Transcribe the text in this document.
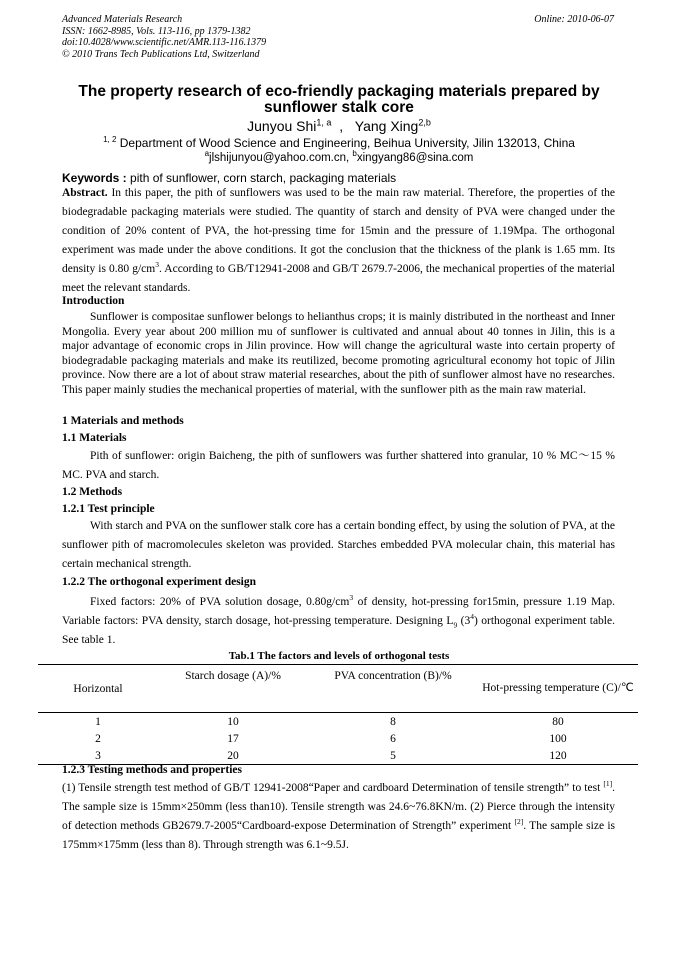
Advanced Materials Research
ISSN: 1662-8985, Vols. 113-116, pp 1379-1382
doi:10.4028/www.scientific.net/AMR.113-116.1379
© 2010 Trans Tech Publications Ltd, Switzerland
Online: 2010-06-07
The property research of eco-friendly packaging materials prepared by sunflower stalk core
Junyou Shi$^{1, a}$ , Yang Xing$^{2,b}$
$^{1, 2}$ Department of Wood Science and Engineering, Beihua University, Jilin 132013, China
$^a$jlshijunyou@yahoo.com.cn, $^b$xingyang86@sina.com
Keywords : pith of sunflower, corn starch, packaging materials

Abstract. In this paper, the pith of sunflowers was used to be the main raw material. Therefore, the properties of the biodegradable packaging materials were studied. The quantity of starch and density of PVA were changed under the condition of 20% content of PVA, the hot-pressing time for 15min and the pressure of 1.19Mpa. The orthogonal experiment was made under the above conditions. It got the conclusion that the thickness of the plank is 1.65 mm. Its density is 0.80 $g/cm^3$. According to GB/T12941-2008 and GB/T 2679.7-2006, the mechanical properties of the material meet the relevant standards.

Introduction
Sunflower is compositae sunflower belongs to helianthus crops; it is mainly distributed in the northeast and Inner Mongolia. Every year about 200 million mu of sunflower is cultivated and annual about 40 tonnes in Jilin, this is a major advantage of economic crops in Jilin province. How will change the agricultural waste into certain property of biodegradable packaging materials and make its reutilized, become promoting agricultural economy hot topic of Jilin province. Now there are a lot of about straw material researches, about the pith of sunflower almost have no researches. This paper mainly studies the mechanical properties of material, with the sunflower pith as the main raw material.
1 Materials and methods
1.1 Materials
Pith of sunflower: origin Baicheng, the pith of sunflowers was further shattered into granular, 10 % MC～15 % MC. PVA and starch.
1.2 Methods
1.2.1 Test principle
With starch and PVA on the sunflower stalk core has a certain bonding effect, by using the solution of PVA, at the sunflower pith of macromolecules skeleton was provided. Starches embedded PVA molecular chain, this material has certain mechanical strength.
1.2.2 The orthogonal experiment design
Fixed factors: 20% of PVA solution dosage, $0.80g/cm^3$ of density, hot-pressing for15min, pressure 1.19 Map. Variable factors: PVA density, starch dosage, hot-pressing temperature. Designing $L_9$ $(3^4)$ orthogonal experiment table. See table 1.
Tab.1 The factors and levels of orthogonal tests
Horizontal	Starch dosage (A)/%	PVA concentration (B)/%	Hot-pressing temperature (C)/℃
1	10	8	80
2	17	6	100
3	20	5	120
1.2.3 Testing methods and properties
(1) Tensile strength test method of GB/T 12941-2008“Paper and cardboard Determination of tensile strength” to test [1]. The sample size is 15mm×250mm (less than10). Tensile strength was 24.6~76.8KN/m. (2) Pierce through the intensity of detection methods GB2679.7-2005“Cardboard-expose Determination of Strength” experiment [2]. The sample size is 175mm×175mm (less than 8). Through strength was 6.1~9.5J.
